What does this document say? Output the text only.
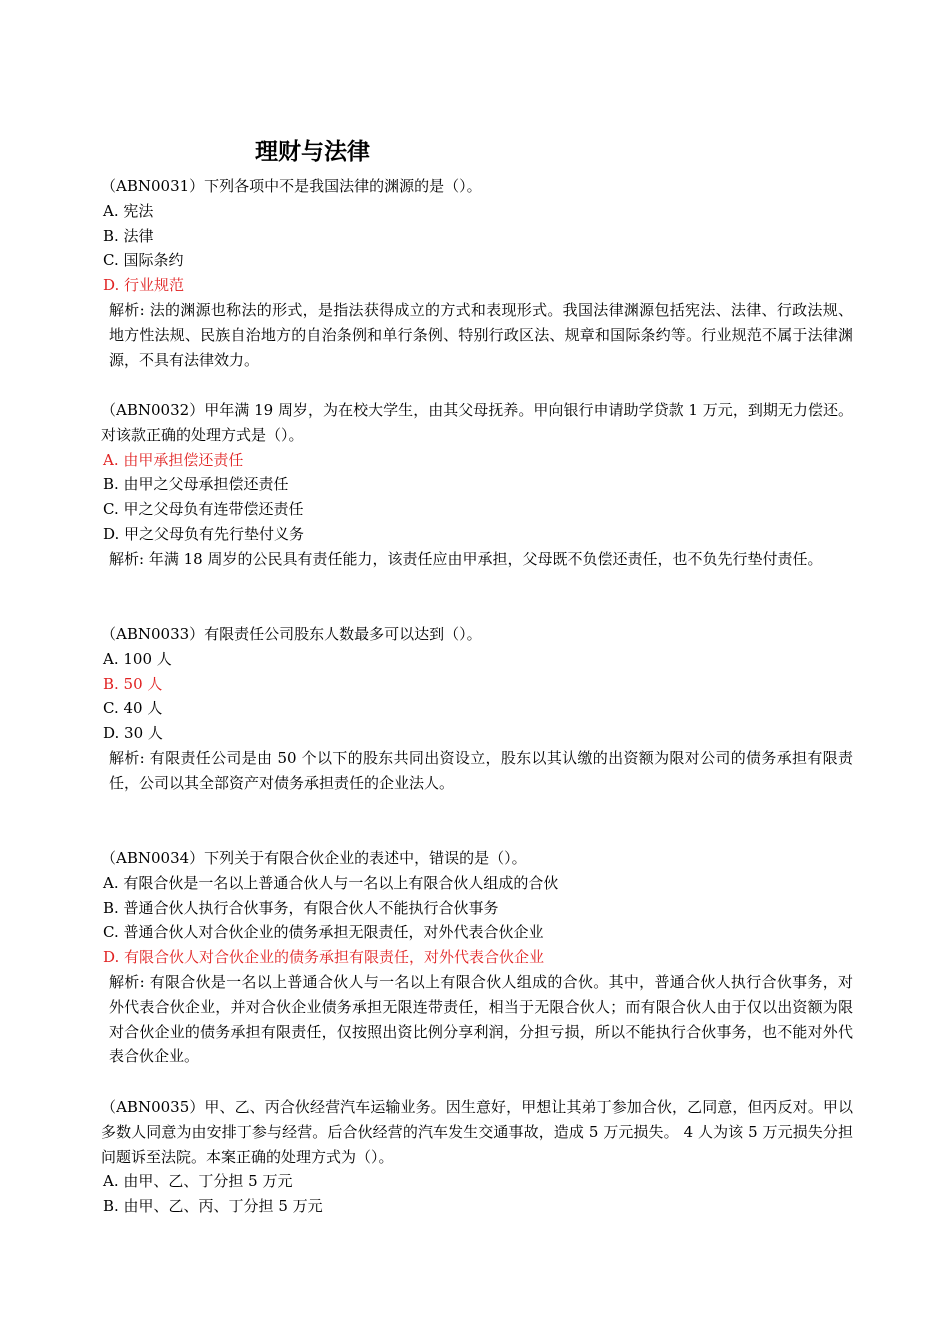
理财与法律
（ABN0031）下列各项中不是我国法律的渊源的是（）。
A. 宪法
B. 法律
C. 国际条约
D. 行业规范
解析: 法的渊源也称法的形式，是指法获得成立的方式和表现形式。我国法律渊源包括宪法、法律、行政法规、地方性法规、民族自治地方的自治条例和单行条例、特别行政区法、规章和国际条约等。行业规范不属于法律渊源，不具有法律效力。
（ABN0032）甲年满 19 周岁，为在校大学生，由其父母抚养。甲向银行申请助学贷款 1 万元，到期无力偿还。对该款正确的处理方式是（）。
A. 由甲承担偿还责任
B. 由甲之父母承担偿还责任
C. 甲之父母负有连带偿还责任
D. 甲之父母负有先行垫付义务
解析: 年满 18 周岁的公民具有责任能力，该责任应由甲承担，父母既不负偿还责任，也不负先行垫付责任。
（ABN0033）有限责任公司股东人数最多可以达到（）。
A. 100 人
B. 50 人
C. 40 人
D. 30 人
解析: 有限责任公司是由 50 个以下的股东共同出资设立，股东以其认缴的出资额为限对公司的债务承担有限责任，公司以其全部资产对债务承担责任的企业法人。
（ABN0034）下列关于有限合伙企业的表述中，错误的是（）。
A. 有限合伙是一名以上普通合伙人与一名以上有限合伙人组成的合伙
B. 普通合伙人执行合伙事务，有限合伙人不能执行合伙事务
C. 普通合伙人对合伙企业的债务承担无限责任，对外代表合伙企业
D. 有限合伙人对合伙企业的债务承担有限责任，对外代表合伙企业
解析: 有限合伙是一名以上普通合伙人与一名以上有限合伙人组成的合伙。其中，普通合伙人执行合伙事务，对外代表合伙企业，并对合伙企业债务承担无限连带责任，相当于无限合伙人；而有限合伙人由于仅以出资额为限对合伙企业的债务承担有限责任，仅按照出资比例分享利润，分担亏损，所以不能执行合伙事务，也不能对外代表合伙企业。
（ABN0035）甲、乙、丙合伙经营汽车运输业务。因生意好，甲想让其弟丁参加合伙，乙同意，但丙反对。甲以多数人同意为由安排丁参与经营。后合伙经营的汽车发生交通事故，造成 5 万元损失。 4 人为该 5 万元损失分担问题诉至法院。本案正确的处理方式为（）。
A. 由甲、乙、丁分担 5 万元
B. 由甲、乙、丙、丁分担 5 万元
